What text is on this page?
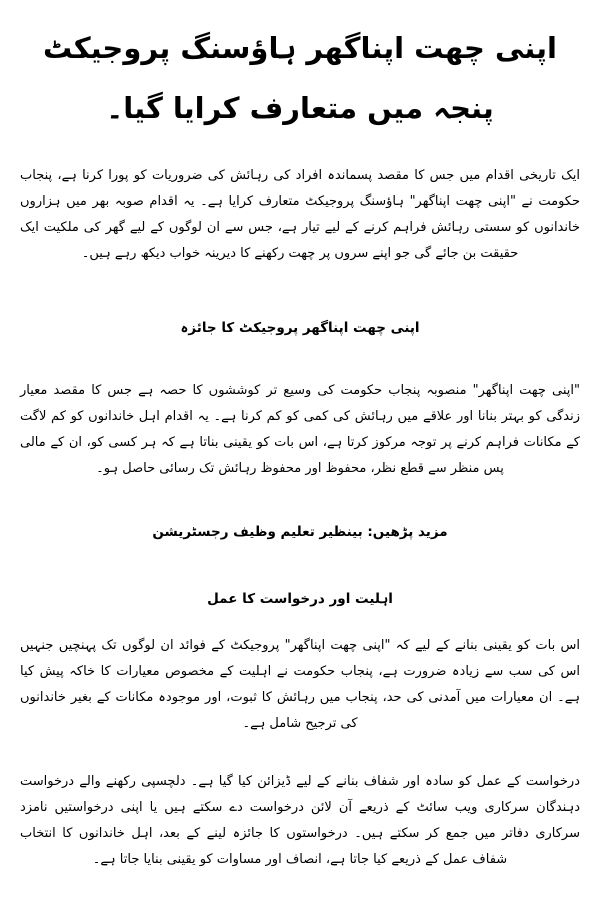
اپنی چھت اپناگھر ہاؤسنگ پروجیکٹ پنجہ میں متعارف کرایا گیا۔

ایک تاریخی اقدام میں جس کا مقصد پسماندہ افراد کی رہائش کی ضروریات کو پورا کرنا ہے، پنجاب حکومت نے "اپنی چھت اپناگھر" ہاؤسنگ پروجیکٹ متعارف کرایا ہے۔ یہ اقدام صوبہ بھر میں ہزاروں خاندانوں کو سستی رہائش فراہم کرنے کے لیے تیار ہے، جس سے ان لوگوں کے لیے گھر کی ملکیت ایک حقیقت بن جائے گی جو اپنے سروں پر چھت رکھنے کا دیرینہ خواب دیکھ رہے ہیں۔

اپنی چھت اپناگھر پروجیکٹ کا جائزہ

"اپنی چھت اپناگھر" منصوبہ پنجاب حکومت کی وسیع تر کوششوں کا حصہ ہے جس کا مقصد معیار زندگی کو بہتر بنانا اور علاقے میں رہائش کی کمی کو کم کرنا ہے۔ یہ اقدام اہل خاندانوں کو کم لاگت کے مکانات فراہم کرنے پر توجہ مرکوز کرتا ہے، اس بات کو یقینی بناتا ہے کہ ہر کسی کو، ان کے مالی پس منظر سے قطع نظر، محفوظ اور محفوظ رہائش تک رسائی حاصل ہو۔

مزید پڑھیں: بینظیر تعلیم وظیف رجسٹریشن

اہلیت اور درخواست کا عمل

اس بات کو یقینی بنانے کے لیے کہ "اپنی چھت اپناگھر" پروجیکٹ کے فوائد ان لوگوں تک پہنچیں جنہیں اس کی سب سے زیادہ ضرورت ہے، پنجاب حکومت نے اہلیت کے مخصوص معیارات کا خاکہ پیش کیا ہے۔ ان معیارات میں آمدنی کی حد، پنجاب میں رہائش کا ثبوت، اور موجودہ مکانات کے بغیر خاندانوں کی ترجیح شامل ہے۔

درخواست کے عمل کو سادہ اور شفاف بنانے کے لیے ڈیزائن کیا گیا ہے۔ دلچسپی رکھنے والے درخواست دہندگان سرکاری ویب سائٹ کے ذریعے آن لائن درخواست دے سکتے ہیں یا اپنی درخواستیں نامزد سرکاری دفاتر میں جمع کر سکتے ہیں۔ درخواستوں کا جائزہ لینے کے بعد، اہل خاندانوں کا انتخاب شفاف عمل کے ذریعے کیا جاتا ہے، انصاف اور مساوات کو یقینی بنایا جاتا ہے۔
